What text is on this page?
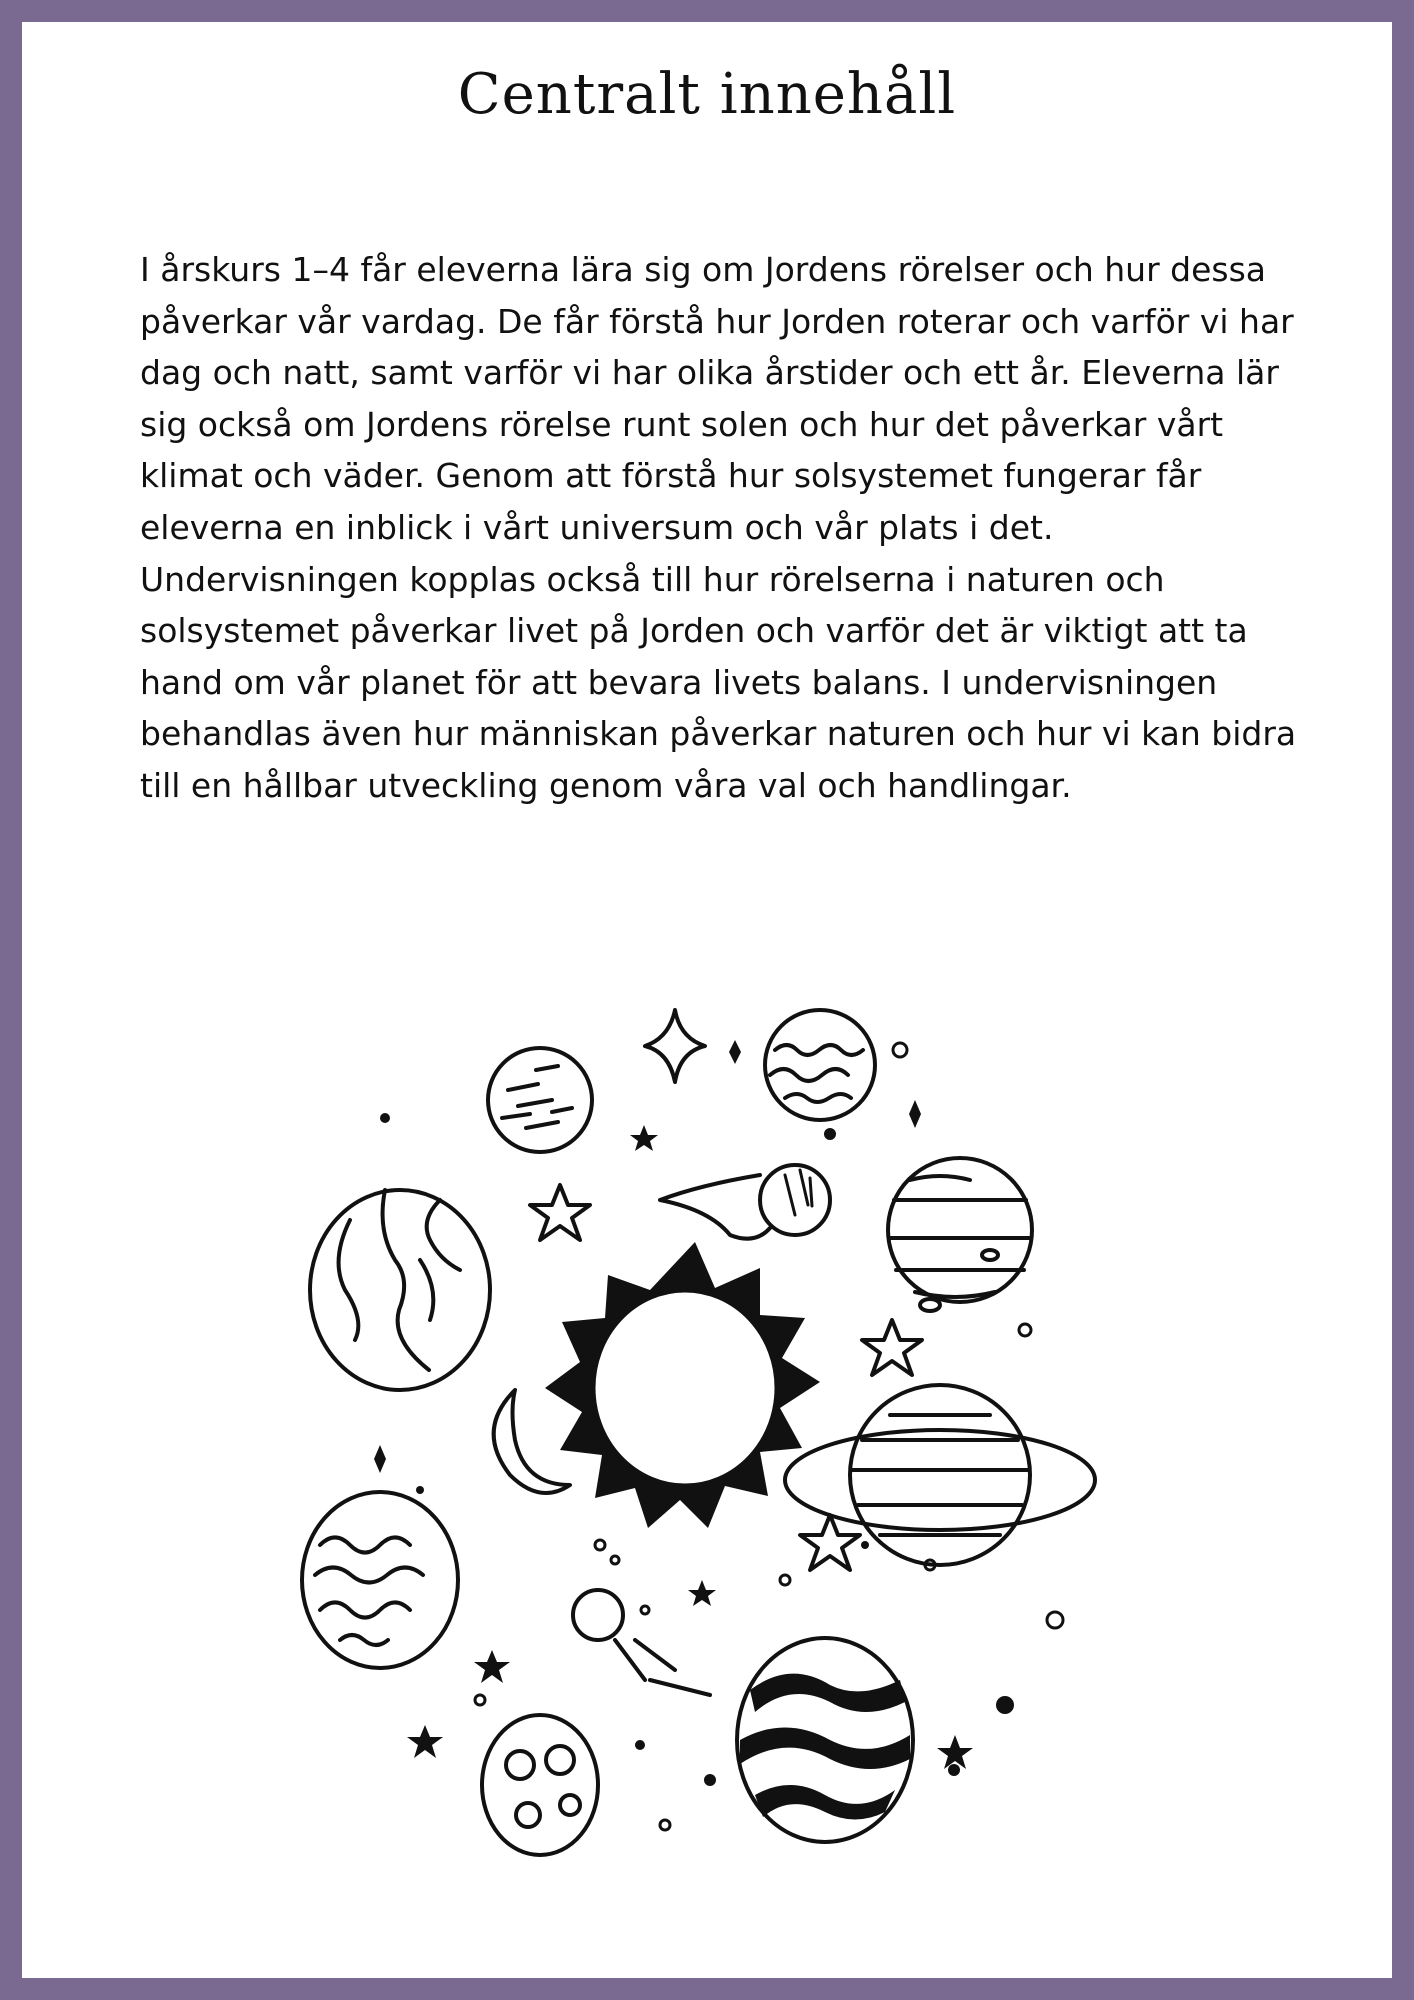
Centralt innehåll

I årskurs 1–4 får eleverna lära sig om Jordens rörelser och hur dessa påverkar vår vardag. De får förstå hur Jorden roterar och varför vi har dag och natt, samt varför vi har olika årstider och ett år. Eleverna lär sig också om Jordens rörelse runt solen och hur det påverkar vårt klimat och väder. Genom att förstå hur solsystemet fungerar får eleverna en inblick i vårt universum och vår plats i det. Undervisningen kopplas också till hur rörelserna i naturen och solsystemet påverkar livet på Jorden och varför det är viktigt att ta hand om vår planet för att bevara livets balans. I undervisningen behandlas även hur människan påverkar naturen och hur vi kan bidra till en hållbar utveckling genom våra val och handlingar.
